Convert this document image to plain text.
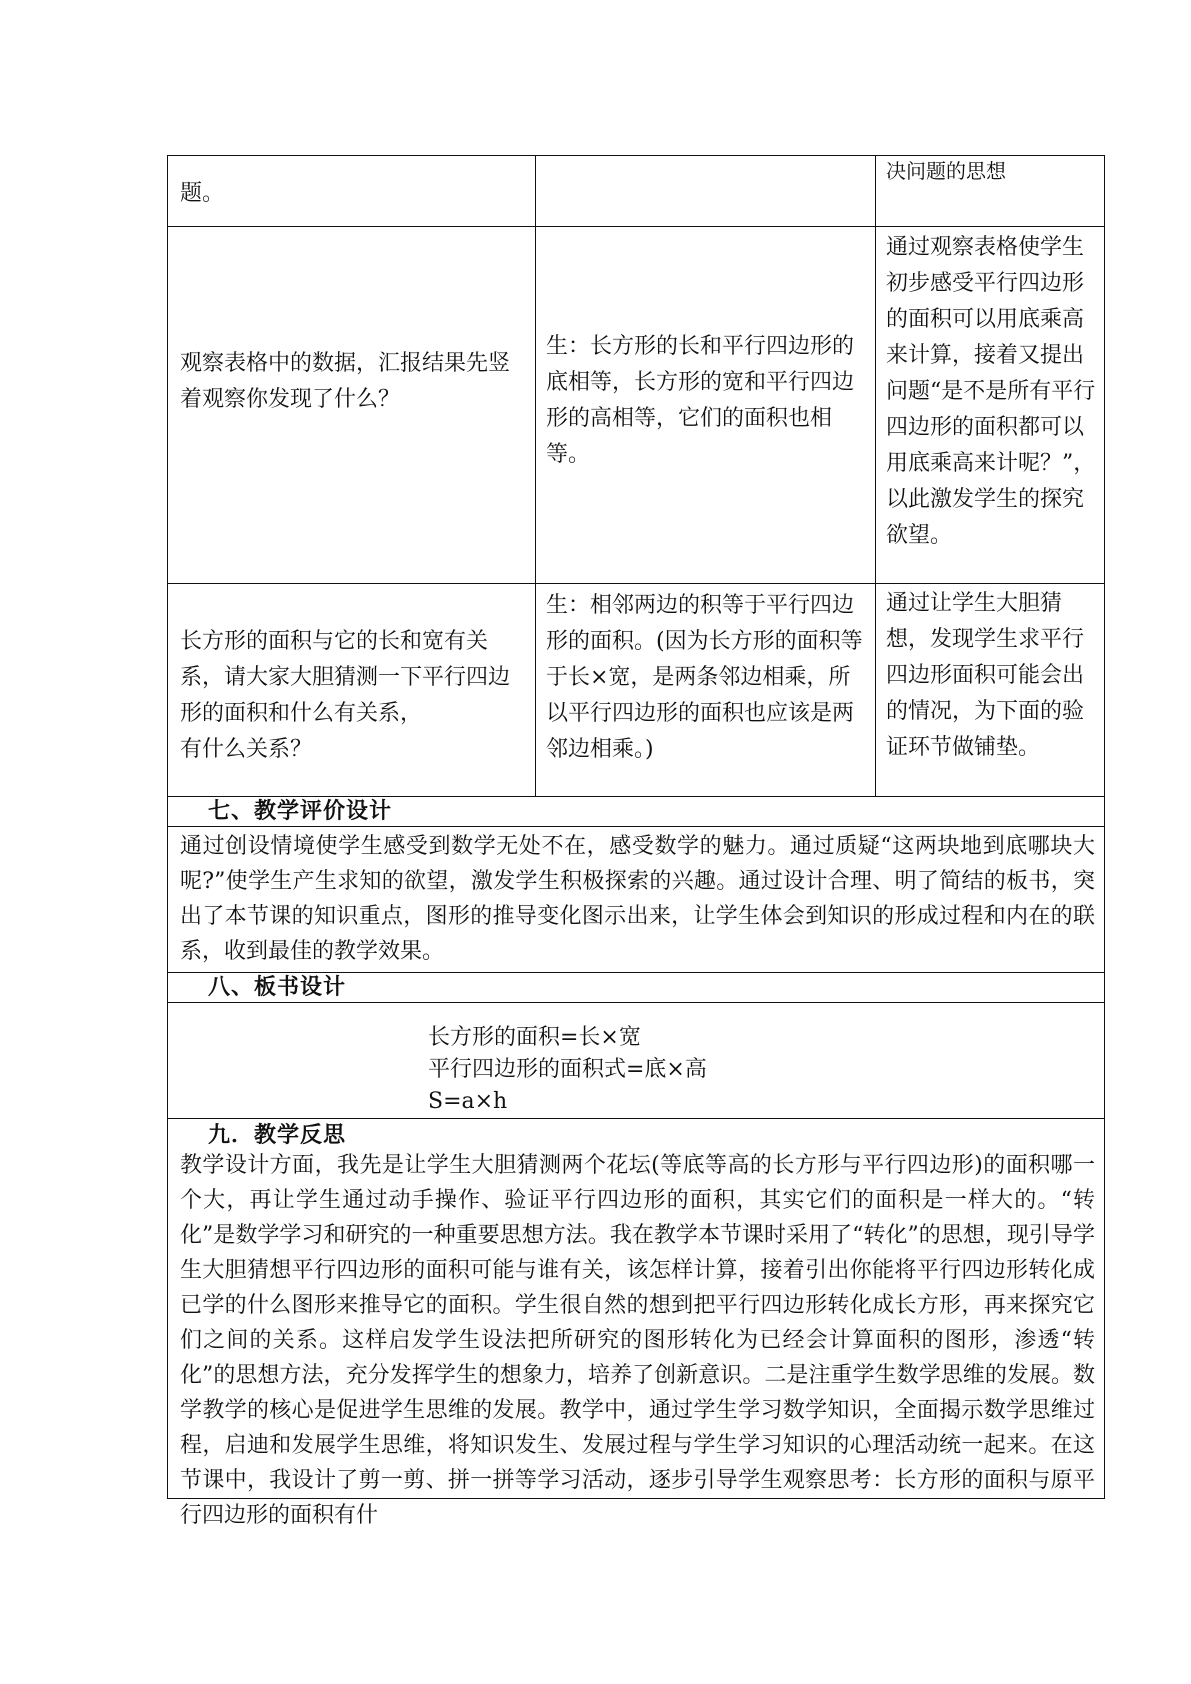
题。

决问题的思想

观察表格中的数据，汇报结果先竖着观察你发现了什么？

生：长方形的长和平行四边形的底相等，长方形的宽和平行四边形的高相等，它们的面积也相等。

通过观察表格使学生初步感受平行四边形的面积可以用底乘高来计算，接着又提出问题“是不是所有平行四边形的面积都可以用底乘高来计呢？”，以此激发学生的探究欲望。

长方形的面积与它的长和宽有关系，请大家大胆猜测一下平行四边形的面积和什么有关系，

有什么关系？

生：相邻两边的积等于平行四边形的面积。(因为长方形的面积等于长×宽，是两条邻边相乘，所以平行四边形的面积也应该是两邻边相乘。)

通过让学生大胆猜想，发现学生求平行四边形面积可能会出的情况，为下面的验证环节做铺垫。

七、教学评价设计
通过创设情境使学生感受到数学无处不在，感受数学的魅力。通过质疑“这两块地到底哪块大呢?”使学生产生求知的欲望，激发学生积极探索的兴趣。通过设计合理、明了简结的板书，突出了本节课的知识重点，图形的推导变化图示出来，让学生体会到知识的形成过程和内在的联系，收到最佳的教学效果。
八、板书设计

长方形的面积=长×宽

平行四边形的面积式=底×高

S=a×h

九．教学反思
教学设计方面，我先是让学生大胆猜测两个花坛(等底等高的长方形与平行四边形)的面积哪一个大，再让学生通过动手操作、验证平行四边形的面积，其实它们的面积是一样大的。“转化”是数学学习和研究的一种重要思想方法。我在教学本节课时采用了“转化”的思想，现引导学生大胆猜想平行四边形的面积可能与谁有关，该怎样计算，接着引出你能将平行四边形转化成已学的什么图形来推导它的面积。学生很自然的想到把平行四边形转化成长方形，再来探究它们之间的关系。这样启发学生设法把所研究的图形转化为已经会计算面积的图形，渗透“转化”的思想方法，充分发挥学生的想象力，培养了创新意识。二是注重学生数学思维的发展。数学教学的核心是促进学生思维的发展。教学中，通过学生学习数学知识，全面揭示数学思维过程，启迪和发展学生思维，将知识发生、发展过程与学生学习知识的心理活动统一起来。在这节课中，我设计了剪一剪、拼一拼等学习活动，逐步引导学生观察思考：长方形的面积与原平行四边形的面积有什
